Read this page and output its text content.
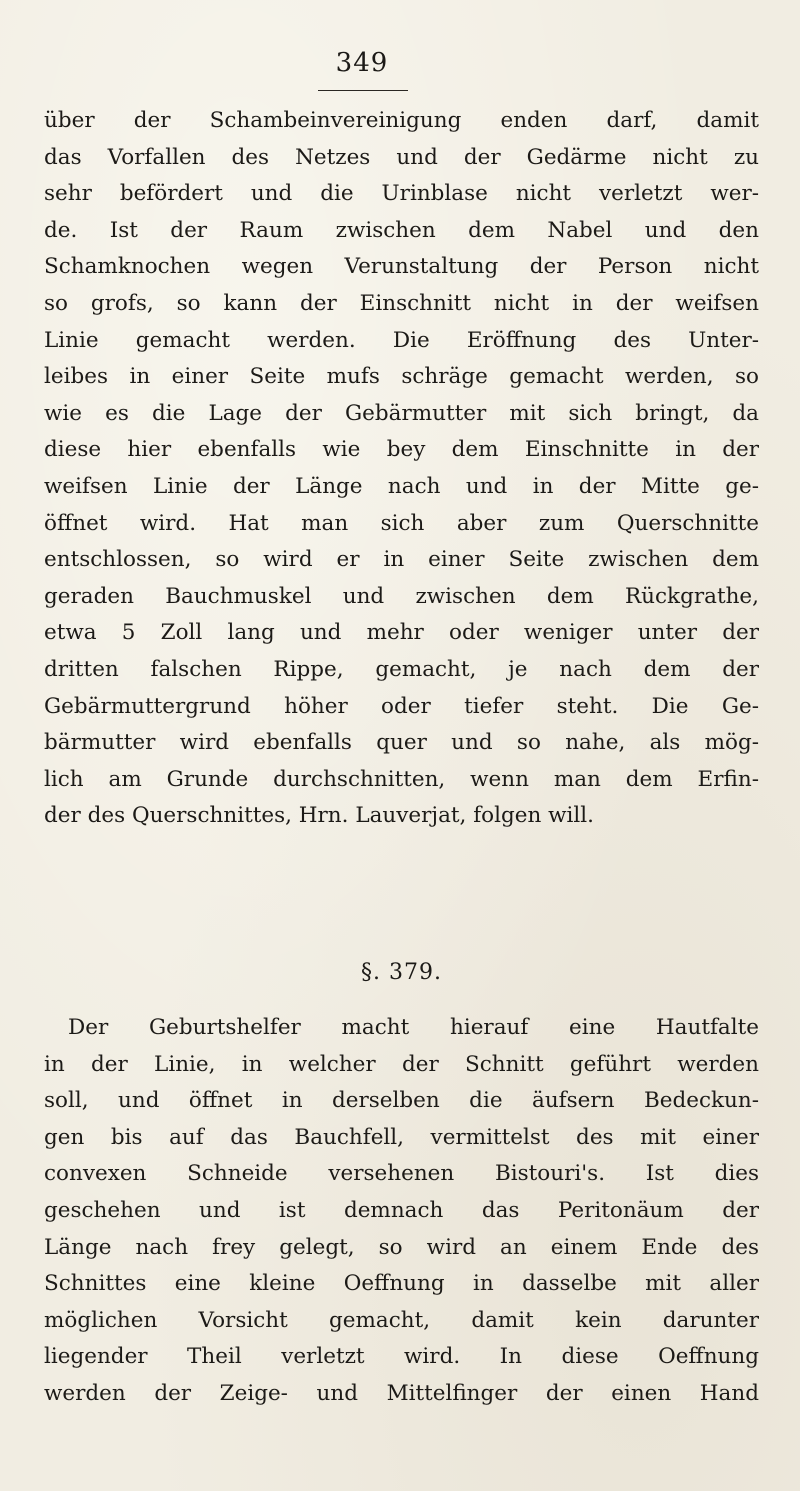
349
über der Schambeinvereinigung enden darf, damit
das Vorfallen des Netzes und der Gedärme nicht zu
sehr befördert und die Urinblase nicht verletzt wer-
de. Ist der Raum zwischen dem Nabel und den
Schamknochen wegen Verunstaltung der Person nicht
so grofs, so kann der Einschnitt nicht in der weifsen
Linie gemacht werden. Die Eröffnung des Unter-
leibes in einer Seite mufs schräge gemacht werden, so
wie es die Lage der Gebärmutter mit sich bringt, da
diese hier ebenfalls wie bey dem Einschnitte in der
weifsen Linie der Länge nach und in der Mitte ge-
öffnet wird. Hat man sich aber zum Querschnitte
entschlossen, so wird er in einer Seite zwischen dem
geraden Bauchmuskel und zwischen dem Rückgrathe,
etwa 5 Zoll lang und mehr oder weniger unter der
dritten falschen Rippe, gemacht, je nach dem der
Gebärmuttergrund höher oder tiefer steht. Die Ge-
bärmutter wird ebenfalls quer und so nahe, als mög-
lich am Grunde durchschnitten, wenn man dem Erfin-
der des Querschnittes, Hrn. Lauverjat, folgen will.
§. 379.
Der Geburtshelfer macht hierauf eine Hautfalte
in der Linie, in welcher der Schnitt geführt werden
soll, und öffnet in derselben die äufsern Bedeckun-
gen bis auf das Bauchfell, vermittelst des mit einer
convexen Schneide versehenen Bistouri's. Ist dies
geschehen und ist demnach das Peritonäum der
Länge nach frey gelegt, so wird an einem Ende des
Schnittes eine kleine Oeffnung in dasselbe mit aller
möglichen Vorsicht gemacht, damit kein darunter
liegender Theil verletzt wird. In diese Oeffnung
werden der Zeige- und Mittelfinger der einen Hand
